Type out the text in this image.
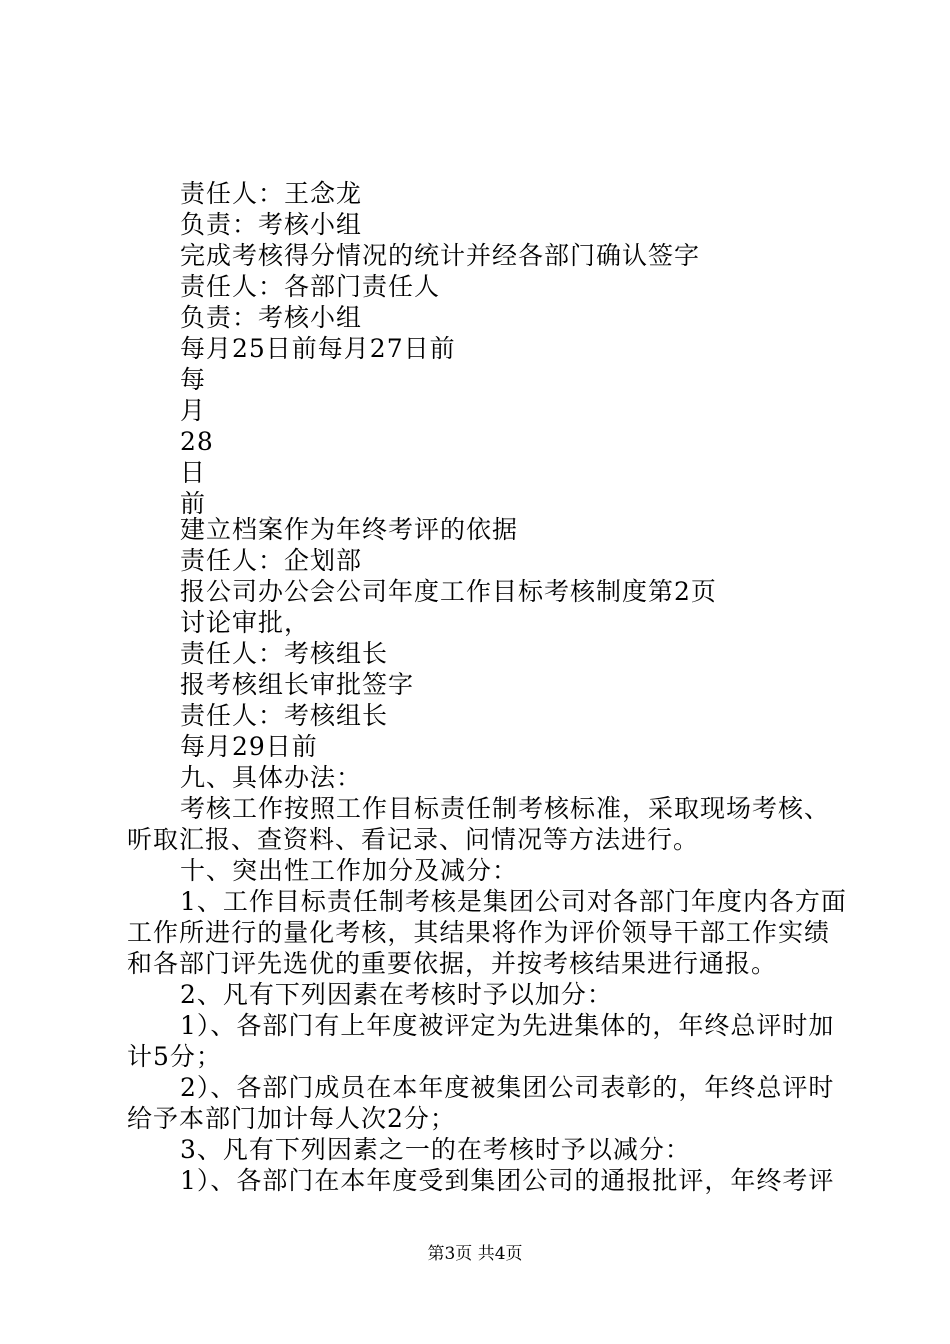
责任人：王念龙
负责：考核小组
完成考核得分情况的统计并经各部门确认签字
责任人：各部门责任人
负责：考核小组
每月25日前每月27日前
每
月
28
日
前
建立档案作为年终考评的依据
责任人：企划部
报公司办公会公司年度工作目标考核制度第2页
讨论审批，
责任人：考核组长
报考核组长审批签字
责任人：考核组长
每月29日前
九、具体办法：
考核工作按照工作目标责任制考核标准，采取现场考核、
听取汇报、查资料、看记录、问情况等方法进行。
十、突出性工作加分及减分：
1、工作目标责任制考核是集团公司对各部门年度内各方面
工作所进行的量化考核，其结果将作为评价领导干部工作实绩
和各部门评先选优的重要依据，并按考核结果进行通报。
2、凡有下列因素在考核时予以加分：
1）、各部门有上年度被评定为先进集体的，年终总评时加
计5分；
2）、各部门成员在本年度被集团公司表彰的，年终总评时
给予本部门加计每人次2分；
3、凡有下列因素之一的在考核时予以减分：
1）、各部门在本年度受到集团公司的通报批评，年终考评
第3页 共4页
